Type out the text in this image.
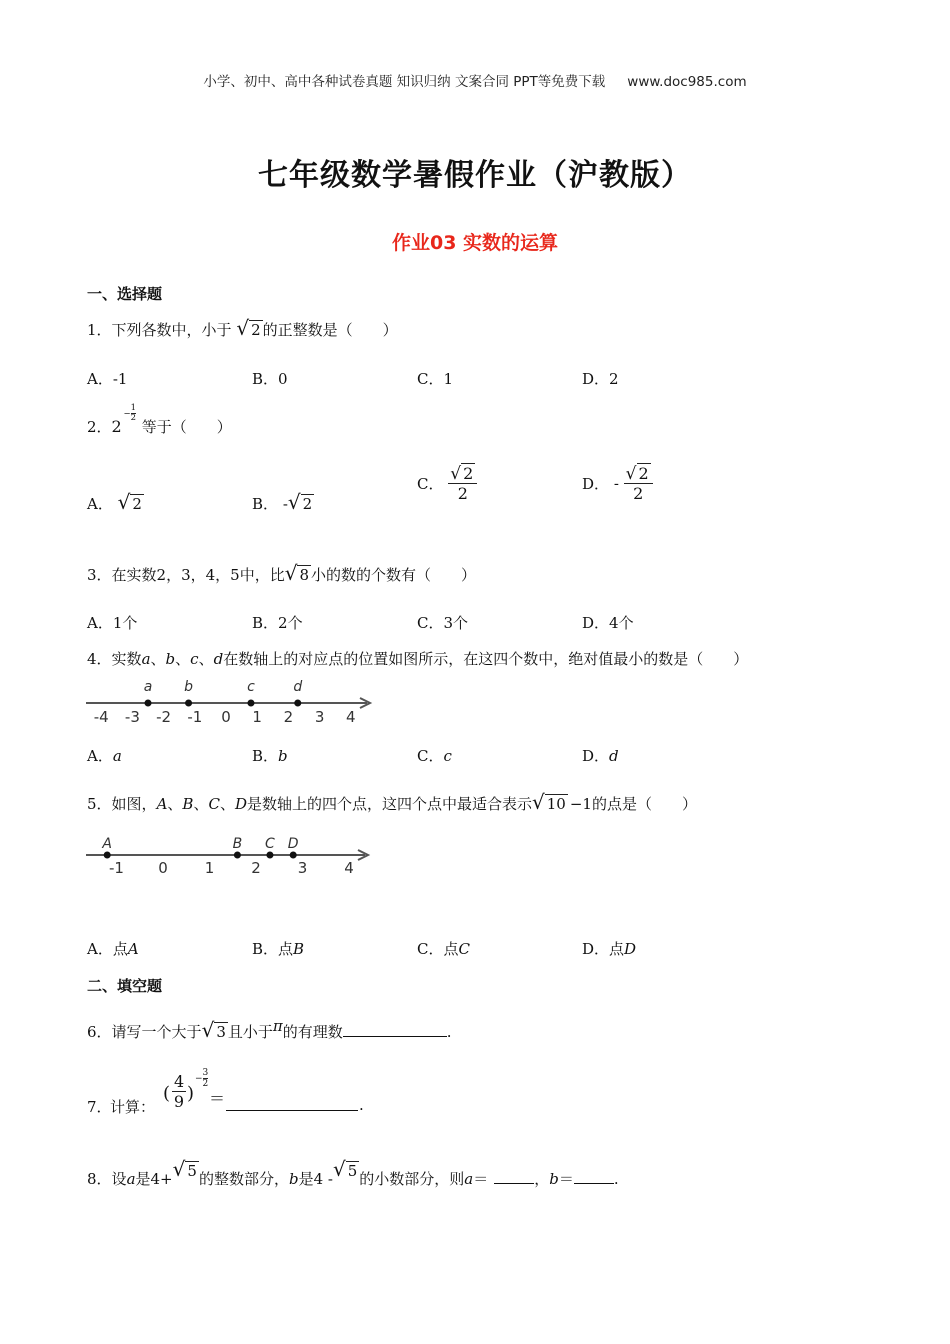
小学、初中、高中各种试卷真题 知识归纳 文案合同 PPT等免费下载 www.doc985.com
七年级数学暑假作业（沪教版）
作业03 实数的运算
一、选择题
1．下列各数中，小于 √ 2 的正整数是（　　）
A．-1	B．0	C．1	D．2
2．2
− $\frac{1}{2}$
等于（　　）
A． √ 2	B． -√ 2
C． $\frac{√ 2}{2}$	D． - $\frac{√ 2}{2}$
3．在实数2，3，4，5中，比√ 8 小的数的个数有（　　）
A．1个	B．2个	C．3个	D．4个
4．实数a、b、c、d在数轴上的对应点的位置如图所示，在这四个数中，绝对值最小的数是（　　）
-4 -3 -2 -1 0 1 2 3 4
a b	c	d
A．a	B．b	C．c	D．d
5．如图，A、B、C、D是数轴上的四个点，这四个点中最适合表示√ 10 −1的点是（　　）
-1 0 1 2 3 4
A	B C D
A．点A	B．点B	C．点C	D．点D
二、填空题
6．请写一个大于√ 3 且小于π的有理数	.
7．
计算：
( $\frac{4}{9}$ )
− $\frac{3}{2}$
＝	.
8．设a是4+√ 5 的整数部分，b是4 -√ 5 的小数部分，则a＝	，b＝	.
